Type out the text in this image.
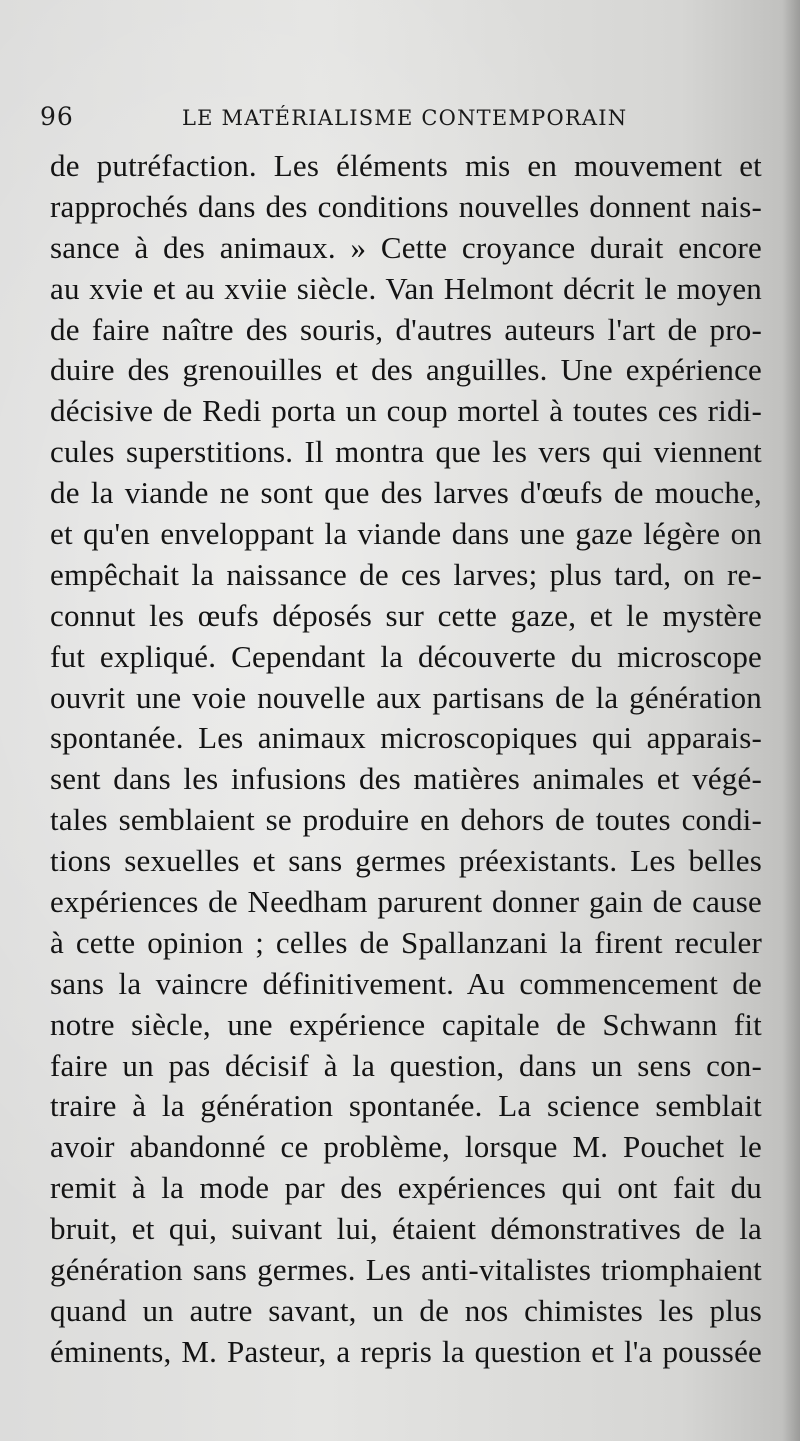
96	LE MATÉRIALISME CONTEMPORAIN
de putréfaction. Les éléments mis en mouvement et
rapprochés dans des conditions nouvelles donnent nais-
sance à des animaux. » Cette croyance durait encore
au xvie et au xviie siècle. Van Helmont décrit le moyen
de faire naître des souris, d'autres auteurs l'art de pro-
duire des grenouilles et des anguilles. Une expérience
décisive de Redi porta un coup mortel à toutes ces ridi-
cules superstitions. Il montra que les vers qui viennent
de la viande ne sont que des larves d'œufs de mouche,
et qu'en enveloppant la viande dans une gaze légère on
empêchait la naissance de ces larves; plus tard, on re-
connut les œufs déposés sur cette gaze, et le mystère
fut expliqué. Cependant la découverte du microscope
ouvrit une voie nouvelle aux partisans de la génération
spontanée. Les animaux microscopiques qui apparais-
sent dans les infusions des matières animales et végé-
tales semblaient se produire en dehors de toutes condi-
tions sexuelles et sans germes préexistants. Les belles
expériences de Needham parurent donner gain de cause
à cette opinion ; celles de Spallanzani la firent reculer
sans la vaincre définitivement. Au commencement de
notre siècle, une expérience capitale de Schwann fit
faire un pas décisif à la question, dans un sens con-
traire à la génération spontanée. La science semblait
avoir abandonné ce problème, lorsque M. Pouchet le
remit à la mode par des expériences qui ont fait du
bruit, et qui, suivant lui, étaient démonstratives de la
génération sans germes. Les anti-vitalistes triomphaient
quand un autre savant, un de nos chimistes les plus
éminents, M. Pasteur, a repris la question et l'a poussée
